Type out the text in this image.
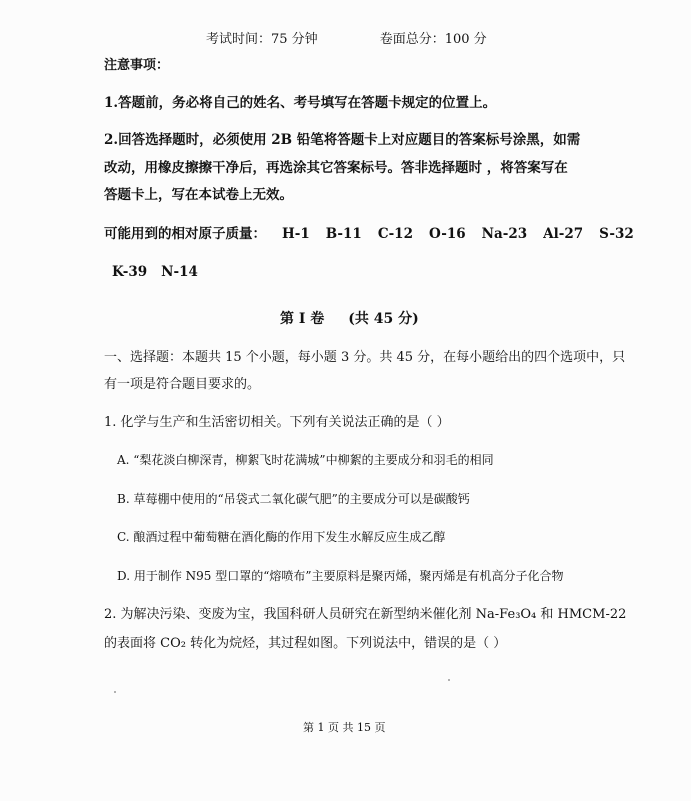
考试时间：75 分钟	卷面总分：100 分
注意事项：
1.答题前，务必将自己的姓名、考号填写在答题卡规定的位置上。
2.回答选择题时，必须使用 2B 铅笔将答题卡上对应题目的答案标号涂黑，如需
改动，用橡皮擦擦干净后，再选涂其它答案标号。答非选择题时 ，将答案写在
答题卡上，写在本试卷上无效。
可能用到的相对原子质量： H-1 B-11 C-12 O-16 Na-23 Al-27 S-32
K-39 N-14
第 I 卷 (共 45 分)
一、选择题：本题共 15 个小题，每小题 3 分。共 45 分，在每小题给出的四个选项中，只
有一项是符合题目要求的。
1. 化学与生产和生活密切相关。下列有关说法正确的是（ ）
A. “梨花淡白柳深青，柳絮飞时花满城”中柳絮的主要成分和羽毛的相同
B. 草莓棚中使用的“吊袋式二氧化碳气肥”的主要成分可以是碳酸钙
C. 酿酒过程中葡萄糖在酒化酶的作用下发生水解反应生成乙醇
D. 用于制作 N95 型口罩的“熔喷布”主要原料是聚丙烯，聚丙烯是有机高分子化合物
2. 为解决污染、变废为宝，我国科研人员研究在新型纳米催化剂 Na-Fe₃O₄ 和 HMCM-22
的表面将 CO₂ 转化为烷烃，其过程如图。下列说法中，错误的是（ ）
第 1 页 共 15 页
